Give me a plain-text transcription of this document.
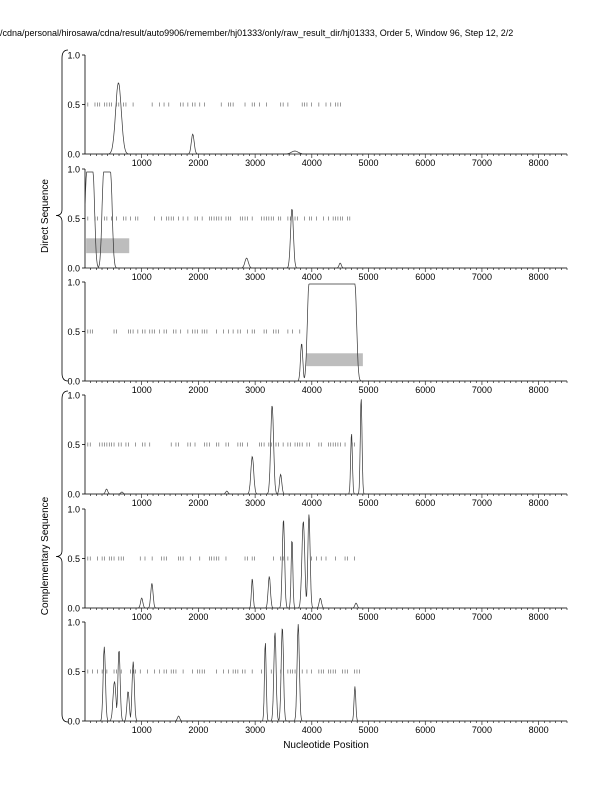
/cdna/personal/hirosawa/cdna/result/auto9906/remember/hj01333/only/raw_result_dir/hj01333, Order 5, Window 96, Step 12, 2/2
0.0
0.5
1.0
1000	2000	3000	4000	5000	6000	7000	8000
0.0
0.5
1.0
1000	2000	3000	4000	5000	6000	7000	8000
0.0
0.5
1.0
1000	2000	3000	4000	5000	6000	7000	8000
0.0
0.5
1.0
1000	2000	3000	4000	5000	6000	7000	8000
0.0
0.5
1.0
1000	2000	3000	4000	5000	6000	7000	8000
0.0
0.5
1.0
1000	2000	3000	4000	5000	6000	7000	8000
Direct Sequence
Complementary Sequence
Nucleotide Position
